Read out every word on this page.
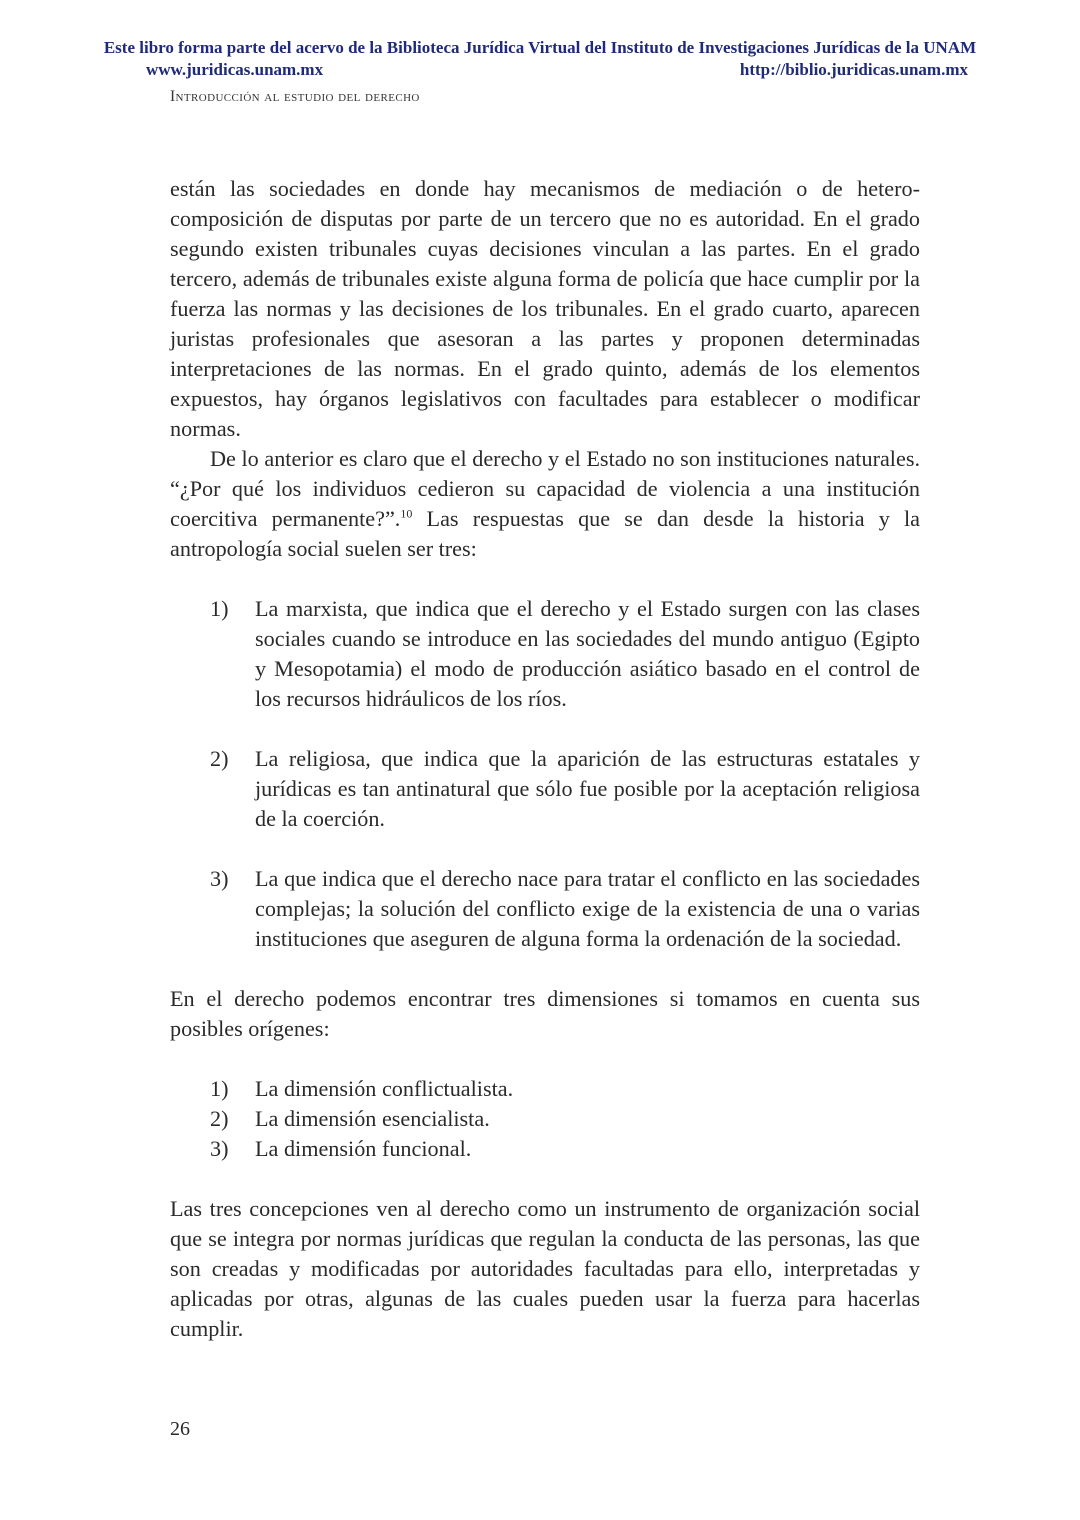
Este libro forma parte del acervo de la Biblioteca Jurídica Virtual del Instituto de Investigaciones Jurídicas de la UNAM
www.juridicas.unam.mx	http://biblio.juridicas.unam.mx
Introducción al estudio del derecho

están las sociedades en donde hay mecanismos de mediación o de hetero-composición de disputas por parte de un tercero que no es autoridad. En el grado segundo existen tribunales cuyas decisiones vinculan a las partes. En el grado tercero, además de tribunales existe alguna forma de policía que hace cumplir por la fuerza las normas y las decisiones de los tribunales. En el grado cuarto, aparecen juristas profesionales que asesoran a las partes y proponen determinadas interpretaciones de las normas. En el grado quinto, además de los elementos expuestos, hay órganos legislativos con facultades para establecer o modificar normas.

De lo anterior es claro que el derecho y el Estado no son instituciones naturales. “¿Por qué los individuos cedieron su capacidad de violencia a una institución coercitiva permanente?”.$^{10}$ Las respuestas que se dan desde la historia y la antropología social suelen ser tres:

1)	La marxista, que indica que el derecho y el Estado surgen con las clases sociales cuando se introduce en las sociedades del mundo antiguo (Egipto y Mesopotamia) el modo de producción asiático basado en el control de los recursos hidráulicos de los ríos.
2)	La religiosa, que indica que la aparición de las estructuras estatales y jurídicas es tan antinatural que sólo fue posible por la aceptación religiosa de la coerción.
3)	La que indica que el derecho nace para tratar el conflicto en las sociedades complejas; la solución del conflicto exige de la existencia de una o varias instituciones que aseguren de alguna forma la ordenación de la sociedad.

En el derecho podemos encontrar tres dimensiones si tomamos en cuenta sus posibles orígenes:

1)	La dimensión conflictualista.
2)	La dimensión esencialista.
3)	La dimensión funcional.

Las tres concepciones ven al derecho como un instrumento de organización social que se integra por normas jurídicas que regulan la conducta de las personas, las que son creadas y modificadas por autoridades facultadas para ello, interpretadas y aplicadas por otras, algunas de las cuales pueden usar la fuerza para hacerlas cumplir.

26
